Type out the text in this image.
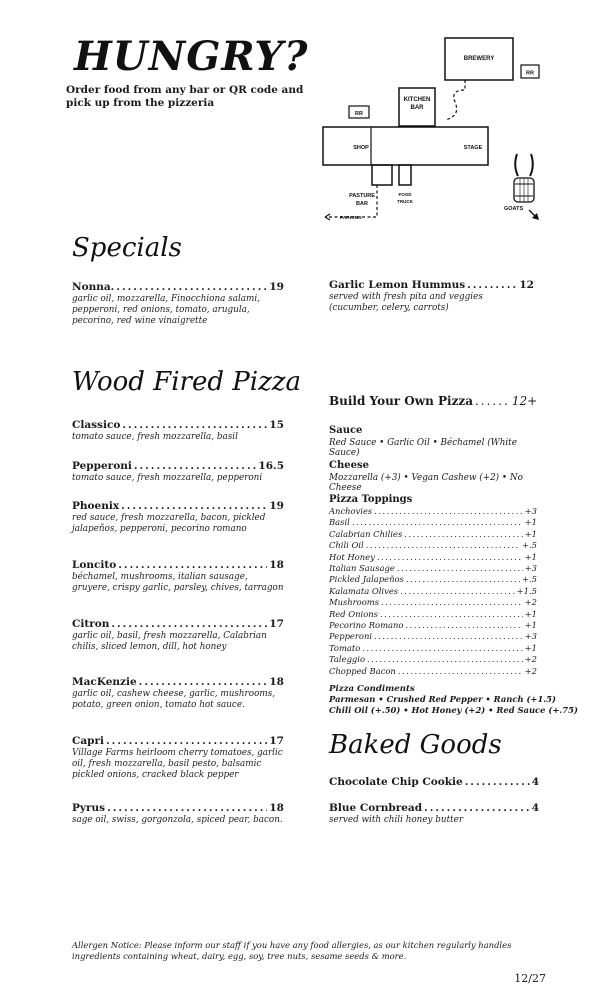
HUNGRY?
Order food from any bar or QR code and pick up from the pizzeria
BREWERY
RR
KITCHEN
BAR
RR
SHOP	STAGE
PASTURE
BAR
FOOD
TRUCK
PARKING
GOATS
Specials
Nonna. .....	19
garlic oil, mozzarella, Finocchiona salami, pepperoni, red onions, tomato, arugula, pecorino, red wine vinaigrette
Garlic Lemon Hummus .....	12
served with fresh pita and veggies (cucumber, celery, carrots)
Wood Fired Pizza
Classico .....	15
tomato sauce, fresh mozzarella, basil
Pepperoni .....	16.5
tomato sauce, fresh mozzarella, pepperoni
Phoenix .....	19
red sauce, fresh mozzarella, bacon, pickled jalapeños, pepperoni, pecorino romano
Loncito .....	18
béchamel, mushrooms, italian sausage, gruyere, crispy garlic, parsley, chives, tarragon
Citron .....	17
garlic oil, basil, fresh mozzarella, Calabrian chilis, sliced lemon, dill, hot honey
MacKenzie .....	18
garlic oil, cashew cheese, garlic, mushrooms, potato, green onion, tomato hot sauce.
Capri .....	17
Village Farms heirloom cherry tomatoes, garlic oil, fresh mozzarella, basil pesto, balsamic pickled onions, cracked black pepper
Pyrus .....	18
sage oil, swiss, gorgonzola, spiced pear, bacon.
Build Your Own Pizza ...... 12+
Sauce
Red Sauce • Garlic Oil • Béchamel (White Sauce)
Cheese
Mozzarella (+3) • Vegan Cashew (+2) • No Cheese
Pizza Toppings
Anchovies .....	+3
Basil .....	+1
Calabrian Chilies .....	+1
Chili Oil .....	+.5
Hot Honey .....	+1
Italian Sausage .....	+3
Pickled Jalapeños .....	+.5
Kalamata Olives .....	+1.5
Mushrooms .....	+2
Red Onions .....	+1
Pecorino Romano .....	+1
Pepperoni .....	+3
Tomato .....	+1
Taleggio .....	+2
Chopped Bacon .....	+2
Pizza Condiments
Parmesan • Crushed Red Pepper • Ranch (+1.5)
Chili Oil (+.50) • Hot Honey (+2) • Red Sauce (+.75)
Baked Goods
Chocolate Chip Cookie .....	4
Blue Cornbread .....	4
served with chili honey butter
Allergen Notice: Please inform our staff if you have any food allergies, as our kitchen regularly handles ingredients containing wheat, dairy, egg, soy, tree nuts, sesame seeds & more.
12/27
